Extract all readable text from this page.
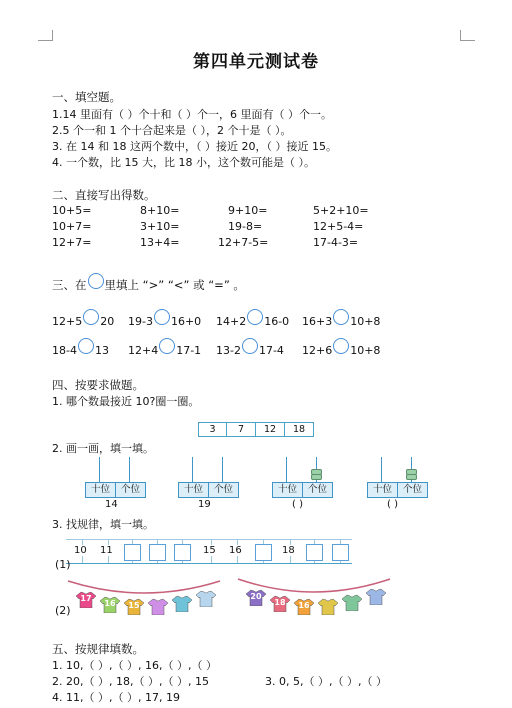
第四单元测试卷
一、填空题。
1.14 里面有（ ）个十和（ ）个一，6 里面有（ ）个一。
2.5 个一和 1 个十合起来是（ ），2 个十是（ ）。
3. 在 14 和 18 这两个数中，（ ）接近 20，（ ）接近 15。
4. 一个数，比 15 大，比 18 小，这个数可能是（ ）。
二、直接写出得数。
10+5=	8+10=	9+10=	5+2+10=
10+7=	3+10=	19-8=	12+5-4=
12+7=	13+4=	12+7-5=	17-4-3=
三、在 里填上 “>” “<” 或 “=” 。
12+5 20 19-3 16+0 14+2 16-0 16+3 10+8
18-4 13 12+4 17-1 13-2 17-4 12+6 10+8
四、按要求做题。
1. 哪个数最接近 10?圈一圈。
3	7	12	18
2. 画一画，填一填。
十位	个位
14
十位	个位
19
十位	个位
( )
十位	个位
( )
3. 找规律，填一填。
(1)
10 11	15 16	18
(2)
17
16	15
20
18	16
五、按规律填数。
1. 10,（ ）,（ ）, 16,（ ）,（ ）
2. 20,（ ）, 18,（ ）,（ ）, 15	3. 0, 5,（ ）,（ ）,（ ）
4. 11,（ ）,（ ）, 17, 19
